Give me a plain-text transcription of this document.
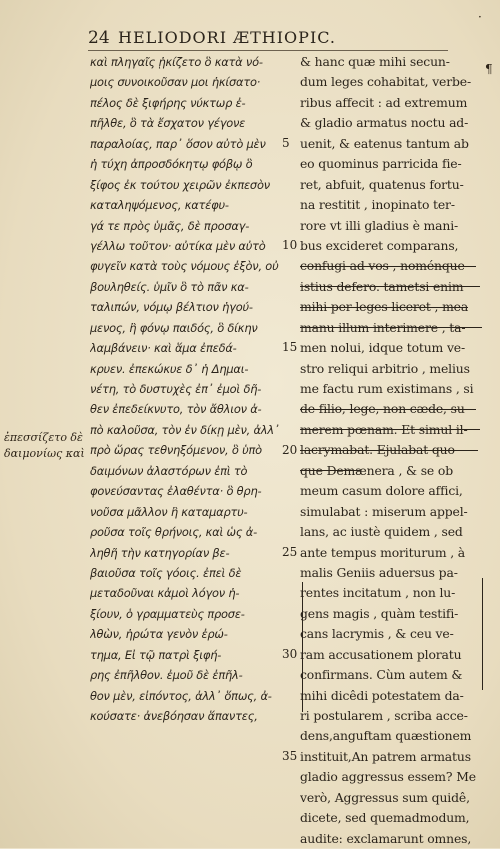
24 HELIODORI ÆTHIOPIC.
·
¶
καὶ πληγαῖς ᾐκίζετο ὃ κατὰ νό-
μοις συνοικοῦσαν μοι ἠκίσατο·
πέλος δὲ ξιφήρης νύκτωρ ἐ-
πῆλθε, ὃ τὰ ἔσχατον γέγονε
παραλοίας, παρ᾽ ὅσον αὐτὸ μὲν
ἡ τύχη ἀπροσδόκητῳ φόβῳ ὃ
ξίφος ἐκ τούτου χειρῶν ἐκπεσὸν
καταληψόμενος, κατέφυ-
γά τε πρὸς ὑμᾶς, δὲ προσαγ-
γέλλω τοῦτον· αὐτίκα μὲν αὐτὸ
φυγεῖν κατὰ τοὺς νόμους ἐξὸν, οὐ
βουληθείς. ὑμῖν ὃ τὸ πᾶν κα-
ταλιπών, νόμῳ βέλτιον ἡγού-
μενος, ἢ φόνῳ παιδός, ὃ δίκην
λαμβάνειν· καὶ ἅμα ἐπεδά-
κρυεν. ἐπεκώκυε δ᾽ ἡ Δημαι-
νέτη, τὸ δυστυχὲς ἐπ᾽ ἐμοὶ δῆ-
θεν ἐπεδείκνυτο, τὸν ἄθλιον ἀ-
πὸ καλοῦσα, τὸν ἐν δίκῃ μὲν, ἀλλ᾽
πρὸ ὥρας τεθνηξόμενον, ὃ ὑπὸ
δαιμόνων ἀλαστόρων ἐπὶ τὸ
φονεύσαντας ἐλαθέντα· ὃ θρη-
νοῦσα μᾶλλον ἢ καταμαρτυ-
ροῦσα τοῖς θρήνοις, καὶ ὡς ἀ-
ληθῆ τὴν κατηγορίαν βε-
βαιοῦσα τοῖς γόοις. ἐπεὶ δὲ
μεταδοῦναι κἀμοὶ λόγον ἠ-
ξίουν, ὁ γραμματεὺς προσε-
λθὼν, ἠρώτα γενὸν ἐρώ-
τημα, Εἰ τῷ πατρὶ ξιφή-
ρης ἐπῆλθον. ἐμοῦ δὲ ἐπῆλ-
θον μὲν, εἰπόντος, ἀλλ᾽ ὅπως, ἀ-
κούσατε· ἀνεβόησαν ἅπαντες,
5
10
15
20
25
30
35
& hanc quæ mihi secun-
dum leges cohabitat, verbe-
ribus affecit : ad extremum
& gladio armatus noctu ad-
uenit, & eatenus tantum ab
eo quominus parricida fie-
ret, abfuit, quatenus fortu-
na restitit , inopinato ter-
rore vt illi gladius è mani-
bus excideret comparans,
confugi ad vos , noménque
istius defero. tametsi enim
mihi per leges liceret , mea
manu illum interimere , ta-
men nolui, idque totum ve-
stro reliqui arbitrio , melius
me factu rum existimans , si
de filio, lege, non cæde, su-
merem pœnam. Et simul il-
lacrymabat. Ejulabat quo-
que Demænera , & se ob
meum casum dolore affici,
simulabat : miserum appel-
lans, ac iustè quidem , sed
ante tempus moriturum , à
malis Geniis aduersus pa-
rentes incitatum , non lu-
gens magis , quàm testifi-
cans lacrymis , & ceu ve-
ram accusationem ploratu
confirmans. Cùm autem &
mihi dicêdi potestatem da-
ri postularem , scriba acce-
dens,anguftam quæstionem
instituit,An patrem armatus
gladio aggressus essem? Me
verò, Aggressus sum quidê,
dicete, sed quemadmodum,
audite: exclamarunt omnes,
ἐπεσσίζετο δὲ δαιμονίως καὶ
